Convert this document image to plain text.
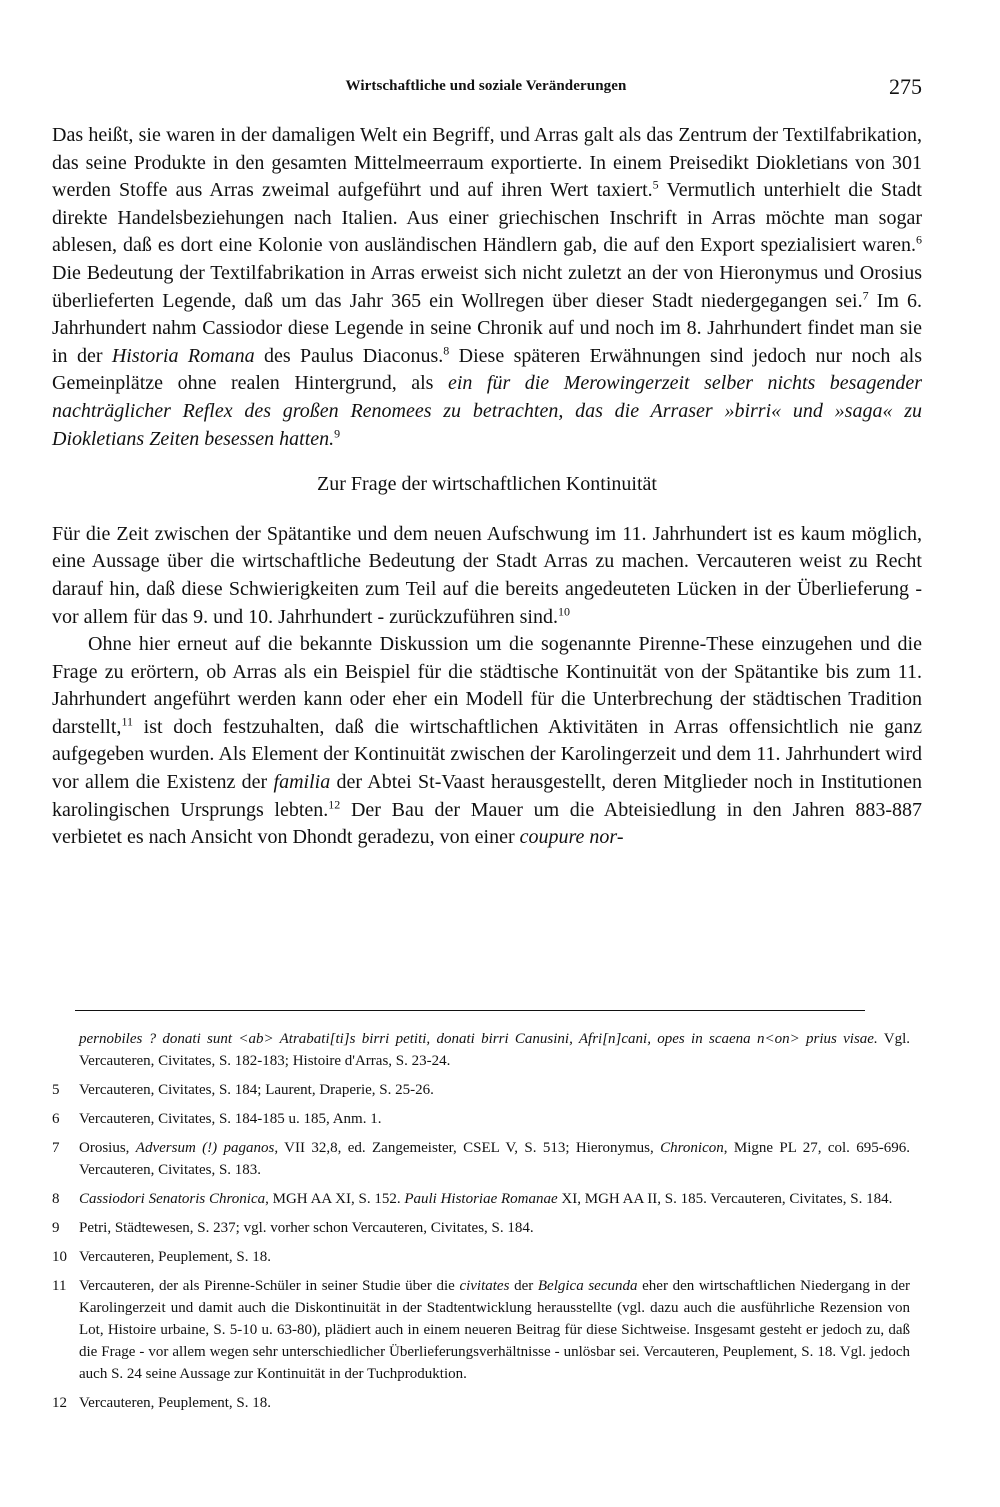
Wirtschaftliche und soziale Veränderungen	275

Das heißt, sie waren in der damaligen Welt ein Begriff, und Arras galt als das Zentrum der Textilfabrikation, das seine Produkte in den gesamten Mittelmeerraum exportierte. In einem Preisedikt Diokletians von 301 werden Stoffe aus Arras zweimal aufgeführt und auf ihren Wert taxiert.$^5$ Vermutlich unterhielt die Stadt direkte Handelsbeziehungen nach Italien. Aus einer griechischen Inschrift in Arras möchte man sogar ablesen, daß es dort eine Kolonie von ausländischen Händlern gab, die auf den Export spezialisiert waren.$^6$ Die Bedeutung der Textilfabrikation in Arras erweist sich nicht zuletzt an der von Hieronymus und Orosius überlieferten Legende, daß um das Jahr 365 ein Wollregen über dieser Stadt niedergegangen sei.$^7$ Im 6. Jahrhundert nahm Cassiodor diese Legende in seine Chronik auf und noch im 8. Jahrhundert findet man sie in der Historia Romana des Paulus Diaconus.$^8$ Diese späteren Erwähnungen sind jedoch nur noch als Gemeinplätze ohne realen Hintergrund, als ein für die Merowingerzeit selber nichts besagender nachträglicher Reflex des großen Renomees zu betrachten, das die Arraser »birri« und »saga« zu Diokletians Zeiten besessen hatten.$^9$

Zur Frage der wirtschaftlichen Kontinuität

Für die Zeit zwischen der Spätantike und dem neuen Aufschwung im 11. Jahrhundert ist es kaum möglich, eine Aussage über die wirtschaftliche Bedeutung der Stadt Arras zu machen. Vercauteren weist zu Recht darauf hin, daß diese Schwierigkeiten zum Teil auf die bereits angedeuteten Lücken in der Überlieferung - vor allem für das 9. und 10. Jahrhundert - zurückzuführen sind.$^{10}$

Ohne hier erneut auf die bekannte Diskussion um die sogenannte Pirenne-These einzugehen und die Frage zu erörtern, ob Arras als ein Beispiel für die städtische Kontinuität von der Spätantike bis zum 11. Jahrhundert angeführt werden kann oder eher ein Modell für die Unterbrechung der städtischen Tradition darstellt,$^{11}$ ist doch festzuhalten, daß die wirtschaftlichen Aktivitäten in Arras offensichtlich nie ganz aufgegeben wurden. Als Element der Kontinuität zwischen der Karolingerzeit und dem 11. Jahrhundert wird vor allem die Existenz der familia der Abtei St-Vaast herausgestellt, deren Mitglieder noch in Institutionen karolingischen Ursprungs lebten.$^{12}$ Der Bau der Mauer um die Abteisiedlung in den Jahren 883-887 verbietet es nach Ansicht von Dhondt geradezu, von einer coupure nor-

pernobiles ? donati sunt <ab> Atrabati[ti]s birri petiti, donati birri Canusini, Afri[n]cani, opes in scaena n<on> prius visae. Vgl. Vercauteren, Civitates, S. 182-183; Histoire d'Arras, S. 23-24.
5 Vercauteren, Civitates, S. 184; Laurent, Draperie, S. 25-26.
6 Vercauteren, Civitates, S. 184-185 u. 185, Anm. 1.
7 Orosius, Adversum (!) paganos, VII 32,8, ed. Zangemeister, CSEL V, S. 513; Hieronymus, Chronicon, Migne PL 27, col. 695-696. Vercauteren, Civitates, S. 183.
8 Cassiodori Senatoris Chronica, MGH AA XI, S. 152. Pauli Historiae Romanae XI, MGH AA II, S. 185. Vercauteren, Civitates, S. 184.
9 Petri, Städtewesen, S. 237; vgl. vorher schon Vercauteren, Civitates, S. 184.
10 Vercauteren, Peuplement, S. 18.
11 Vercauteren, der als Pirenne-Schüler in seiner Studie über die civitates der Belgica secunda eher den wirtschaftlichen Niedergang in der Karolingerzeit und damit auch die Diskontinuität in der Stadtentwicklung herausstellte (vgl. dazu auch die ausführliche Rezension von Lot, Histoire urbaine, S. 5-10 u. 63-80), plädiert auch in einem neueren Beitrag für diese Sichtweise. Insgesamt gesteht er jedoch zu, daß die Frage - vor allem wegen sehr unterschiedlicher Überlieferungsverhältnisse - unlösbar sei. Vercauteren, Peuplement, S. 18. Vgl. jedoch auch S. 24 seine Aussage zur Kontinuität in der Tuchproduktion.
12 Vercauteren, Peuplement, S. 18.
